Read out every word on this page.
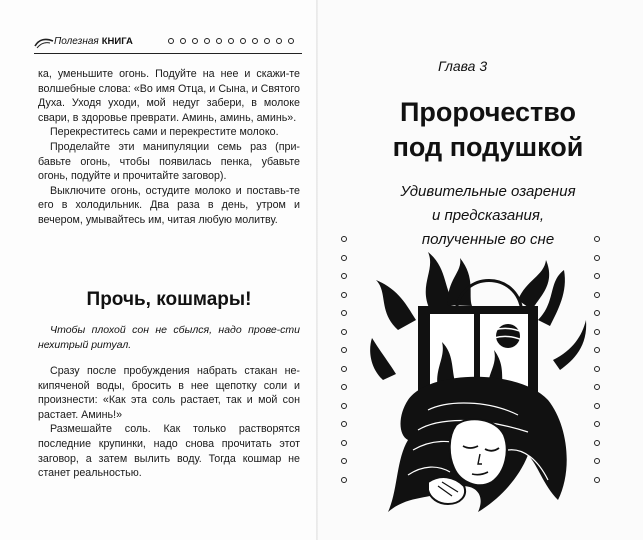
Полезная КНИГА

ка, уменьшите огонь. Подуйте на нее и скажи-те волшебные слова: «Во имя Отца, и Сына, и Святого Духа. Уходя уходи, мой недуг забери, в молоке свари, в здоровье преврати. Аминь, аминь, аминь».

Перекреститесь сами и перекрестите молоко.

Проделайте эти манипуляции семь раз (при-бавьте огонь, чтобы появилась пенка, убавьте огонь, подуйте и прочитайте заговор).

Выключите огонь, остудите молоко и поставь-те его в холодильник. Два раза в день, утром и вечером, умывайтесь им, читая любую молитву.

Прочь, кошмары!
Чтобы плохой сон не сбылся, надо прове-сти нехитрый ритуал.

Сразу после пробуждения набрать стакан не-кипяченой воды, бросить в нее щепотку соли и произнести: «Как эта соль растает, так и мой сон растает. Аминь!»

Размешайте соль. Как только растворятся последние крупинки, надо снова прочитать этот заговор, а затем вылить воду. Тогда кошмар не станет реальностью.

Глава 3
Пророчество
под подушкой
Удивительные озарения
и предсказания,
полученные во сне
